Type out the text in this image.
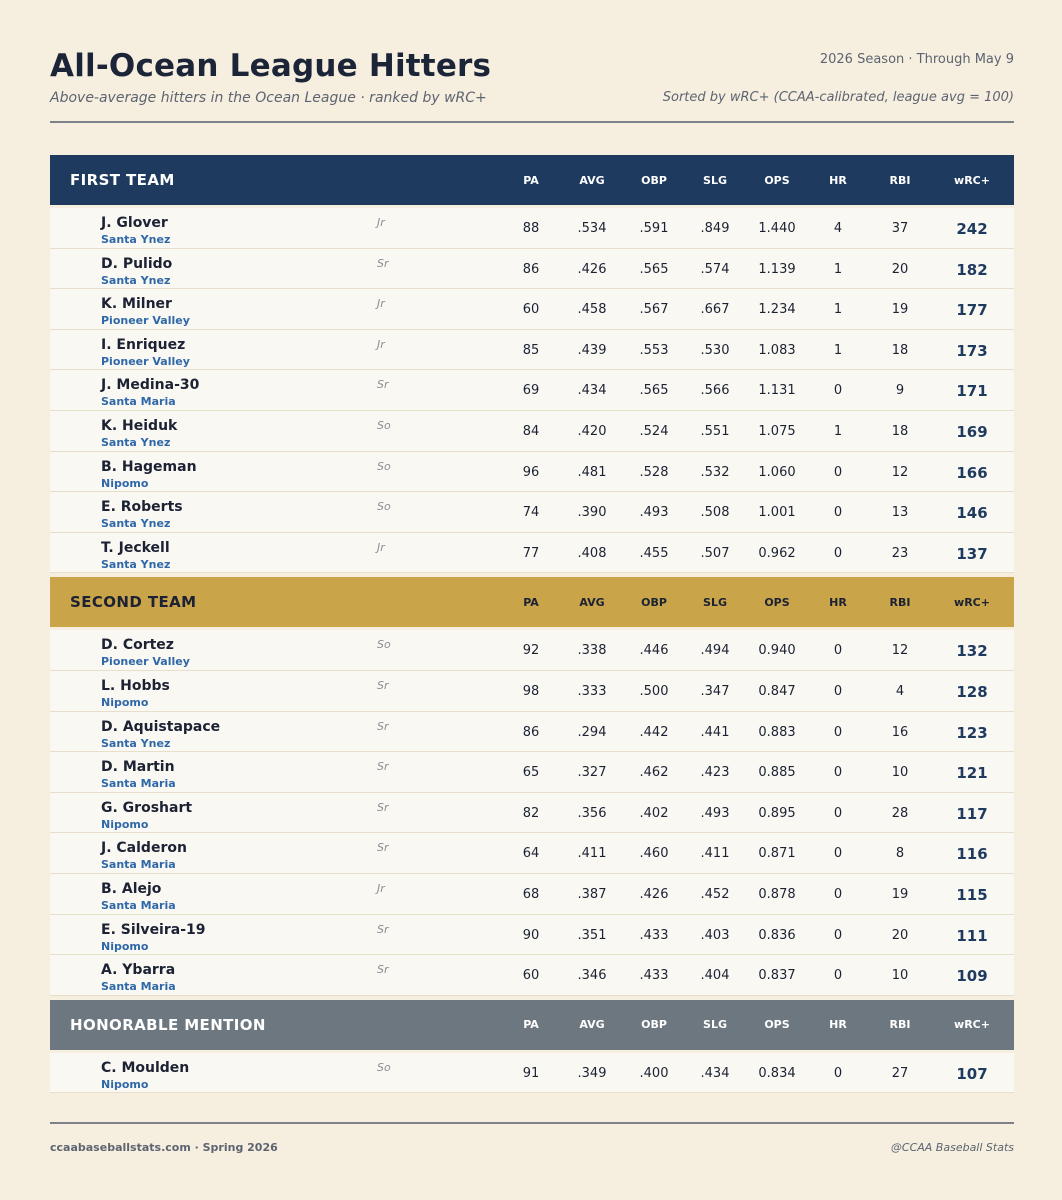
All-Ocean League Hitters
Above-average hitters in the Ocean League · ranked by wRC+
2026 Season · Through May 9
Sorted by wRC+ (CCAA-calibrated, league avg = 100)
FIRST TEAM	PA	AVG	OBP	SLG	OPS	HR	RBI	wRC+
J. Glover
Santa Ynez
Jr	88	.534	.591	.849	1.440	4	37	242
D. Pulido
Santa Ynez
Sr	86	.426	.565	.574	1.139	1	20	182
K. Milner
Pioneer Valley
Jr	60	.458	.567	.667	1.234	1	19	177
I. Enriquez
Pioneer Valley
Jr	85	.439	.553	.530	1.083	1	18	173
J. Medina-30
Santa Maria
Sr	69	.434	.565	.566	1.131	0	9	171
K. Heiduk
Santa Ynez
So	84	.420	.524	.551	1.075	1	18	169
B. Hageman
Nipomo
So	96	.481	.528	.532	1.060	0	12	166
E. Roberts
Santa Ynez
So	74	.390	.493	.508	1.001	0	13	146
T. Jeckell
Santa Ynez
Jr	77	.408	.455	.507	0.962	0	23	137
SECOND TEAM	PA	AVG	OBP	SLG	OPS	HR	RBI	wRC+
D. Cortez
Pioneer Valley
So	92	.338	.446	.494	0.940	0	12	132
L. Hobbs
Nipomo
Sr	98	.333	.500	.347	0.847	0	4	128
D. Aquistapace
Santa Ynez
Sr	86	.294	.442	.441	0.883	0	16	123
D. Martin
Santa Maria
Sr	65	.327	.462	.423	0.885	0	10	121
G. Groshart
Nipomo
Sr	82	.356	.402	.493	0.895	0	28	117
J. Calderon
Santa Maria
Sr	64	.411	.460	.411	0.871	0	8	116
B. Alejo
Santa Maria
Jr	68	.387	.426	.452	0.878	0	19	115
E. Silveira-19
Nipomo
Sr	90	.351	.433	.403	0.836	0	20	111
A. Ybarra
Santa Maria
Sr	60	.346	.433	.404	0.837	0	10	109
HONORABLE MENTION	PA	AVG	OBP	SLG	OPS	HR	RBI	wRC+
C. Moulden
Nipomo
So	91	.349	.400	.434	0.834	0	27	107
ccaabaseballstats.com · Spring 2026	@CCAA Baseball Stats
